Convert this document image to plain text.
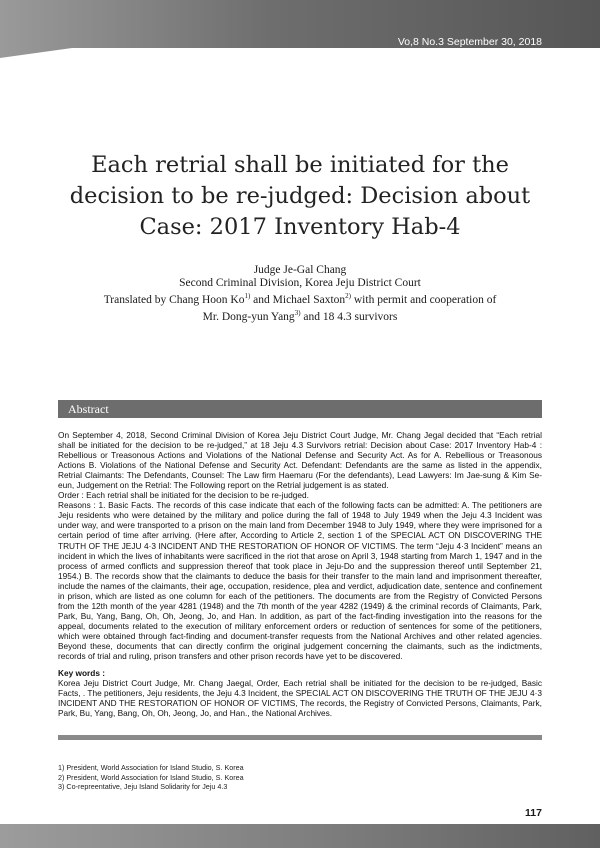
Vo,8 No.3 September 30, 2018
Each retrial shall be initiated for the
decision to be re-judged: Decision about
Case: 2017 Inventory Hab-4
Judge Je-Gal Chang
Second Criminal Division, Korea Jeju District Court
Translated by Chang Hoon Ko$^{1)}$ and Michael Saxton$^{2)}$ with permit and cooperation of
Mr. Dong-yun Yang$^{3)}$ and 18 4.3 survivors
Abstract

On September 4, 2018, Second Criminal Division of Korea Jeju District Court Judge, Mr. Chang Jegal decided that “Each retrial shall be initiated for the decision to be re-judged,” at 18 Jeju 4.3 Survivors retrial: Decision about Case: 2017 Inventory Hab-4 : Rebellious or Treasonous Actions and Violations of the National Defense and Security Act. As for A. Rebellious or Treasonous Actions B. Violations of the National Defense and Security Act. Defendant: Defendants are the same as listed in the appendix, Retrial Claimants: The Defendants, Counsel: The Law firm Haemaru (For the defendants), Lead Lawyers: Im Jae-sung & Kim Se-eun, Judgement on the Retrial: The Following report on the Retrial judgement is as stated.

Order : Each retrial shall be initiated for the decision to be re-judged.

Reasons : 1. Basic Facts. The records of this case indicate that each of the following facts can be admitted: A. The petitioners are Jeju residents who were detained by the military and police during the fall of 1948 to July 1949 when the Jeju 4.3 Incident was under way, and were transported to a prison on the main land from December 1948 to July 1949, where they were imprisoned for a certain period of time after arriving. (Here after, According to Article 2, section 1 of the SPECIAL ACT ON DISCOVERING THE TRUTH OF THE JEJU 4·3 INCIDENT AND THE RESTORATION OF HONOR OF VICTIMS. The term “Jeju 4·3 Incident” means an incident in which the lives of inhabitants were sacrificed in the riot that arose on April 3, 1948 starting from March 1, 1947 and in the process of armed conflicts and suppression thereof that took place in Jeju-Do and the suppression thereof until September 21, 1954.) B. The records show that the claimants to deduce the basis for their transfer to the main land and imprisonment thereafter, include the names of the claimants, their age, occupation, residence, plea and verdict, adjudication date, sentence and confinement in prison, which are listed as one column for each of the petitioners. The documents are from the Registry of Convicted Persons from the 12th month of the year 4281 (1948) and the 7th month of the year 4282 (1949) & the criminal records of Claimants, Park, Park, Bu, Yang, Bang, Oh, Oh, Jeong, Jo, and Han. In addition, as part of the fact-finding investigation into the reasons for the appeal, documents related to the execution of military enforcement orders or reduction of sentences for some of the petitioners, which were obtained through fact-finding and document-transfer requests from the National Archives and other related agencies. Beyond these, documents that can directly confirm the original judgement concerning the claimants, such as the indictments, records of trial and ruling, prison transfers and other prison records have yet to be discovered.

Key words :

Korea Jeju District Court Judge, Mr. Chang Jaegal, Order, Each retrial shall be initiated for the decision to be re-judged, Basic Facts, . The petitioners, Jeju residents, the Jeju 4.3 Incident, the SPECIAL ACT ON DISCOVERING THE TRUTH OF THE JEJU 4·3 INCIDENT AND THE RESTORATION OF HONOR OF VICTIMS, The records, the Registry of Convicted Persons, Claimants, Park, Park, Bu, Yang, Bang, Oh, Oh, Jeong, Jo, and Han., the National Archives.

1) President, World Association for Island Studio, S. Korea
2) President, World Association for Island Studio, S. Korea
3) Co-repreentative, Jeju Island Solidarity for Jeju 4.3
117
